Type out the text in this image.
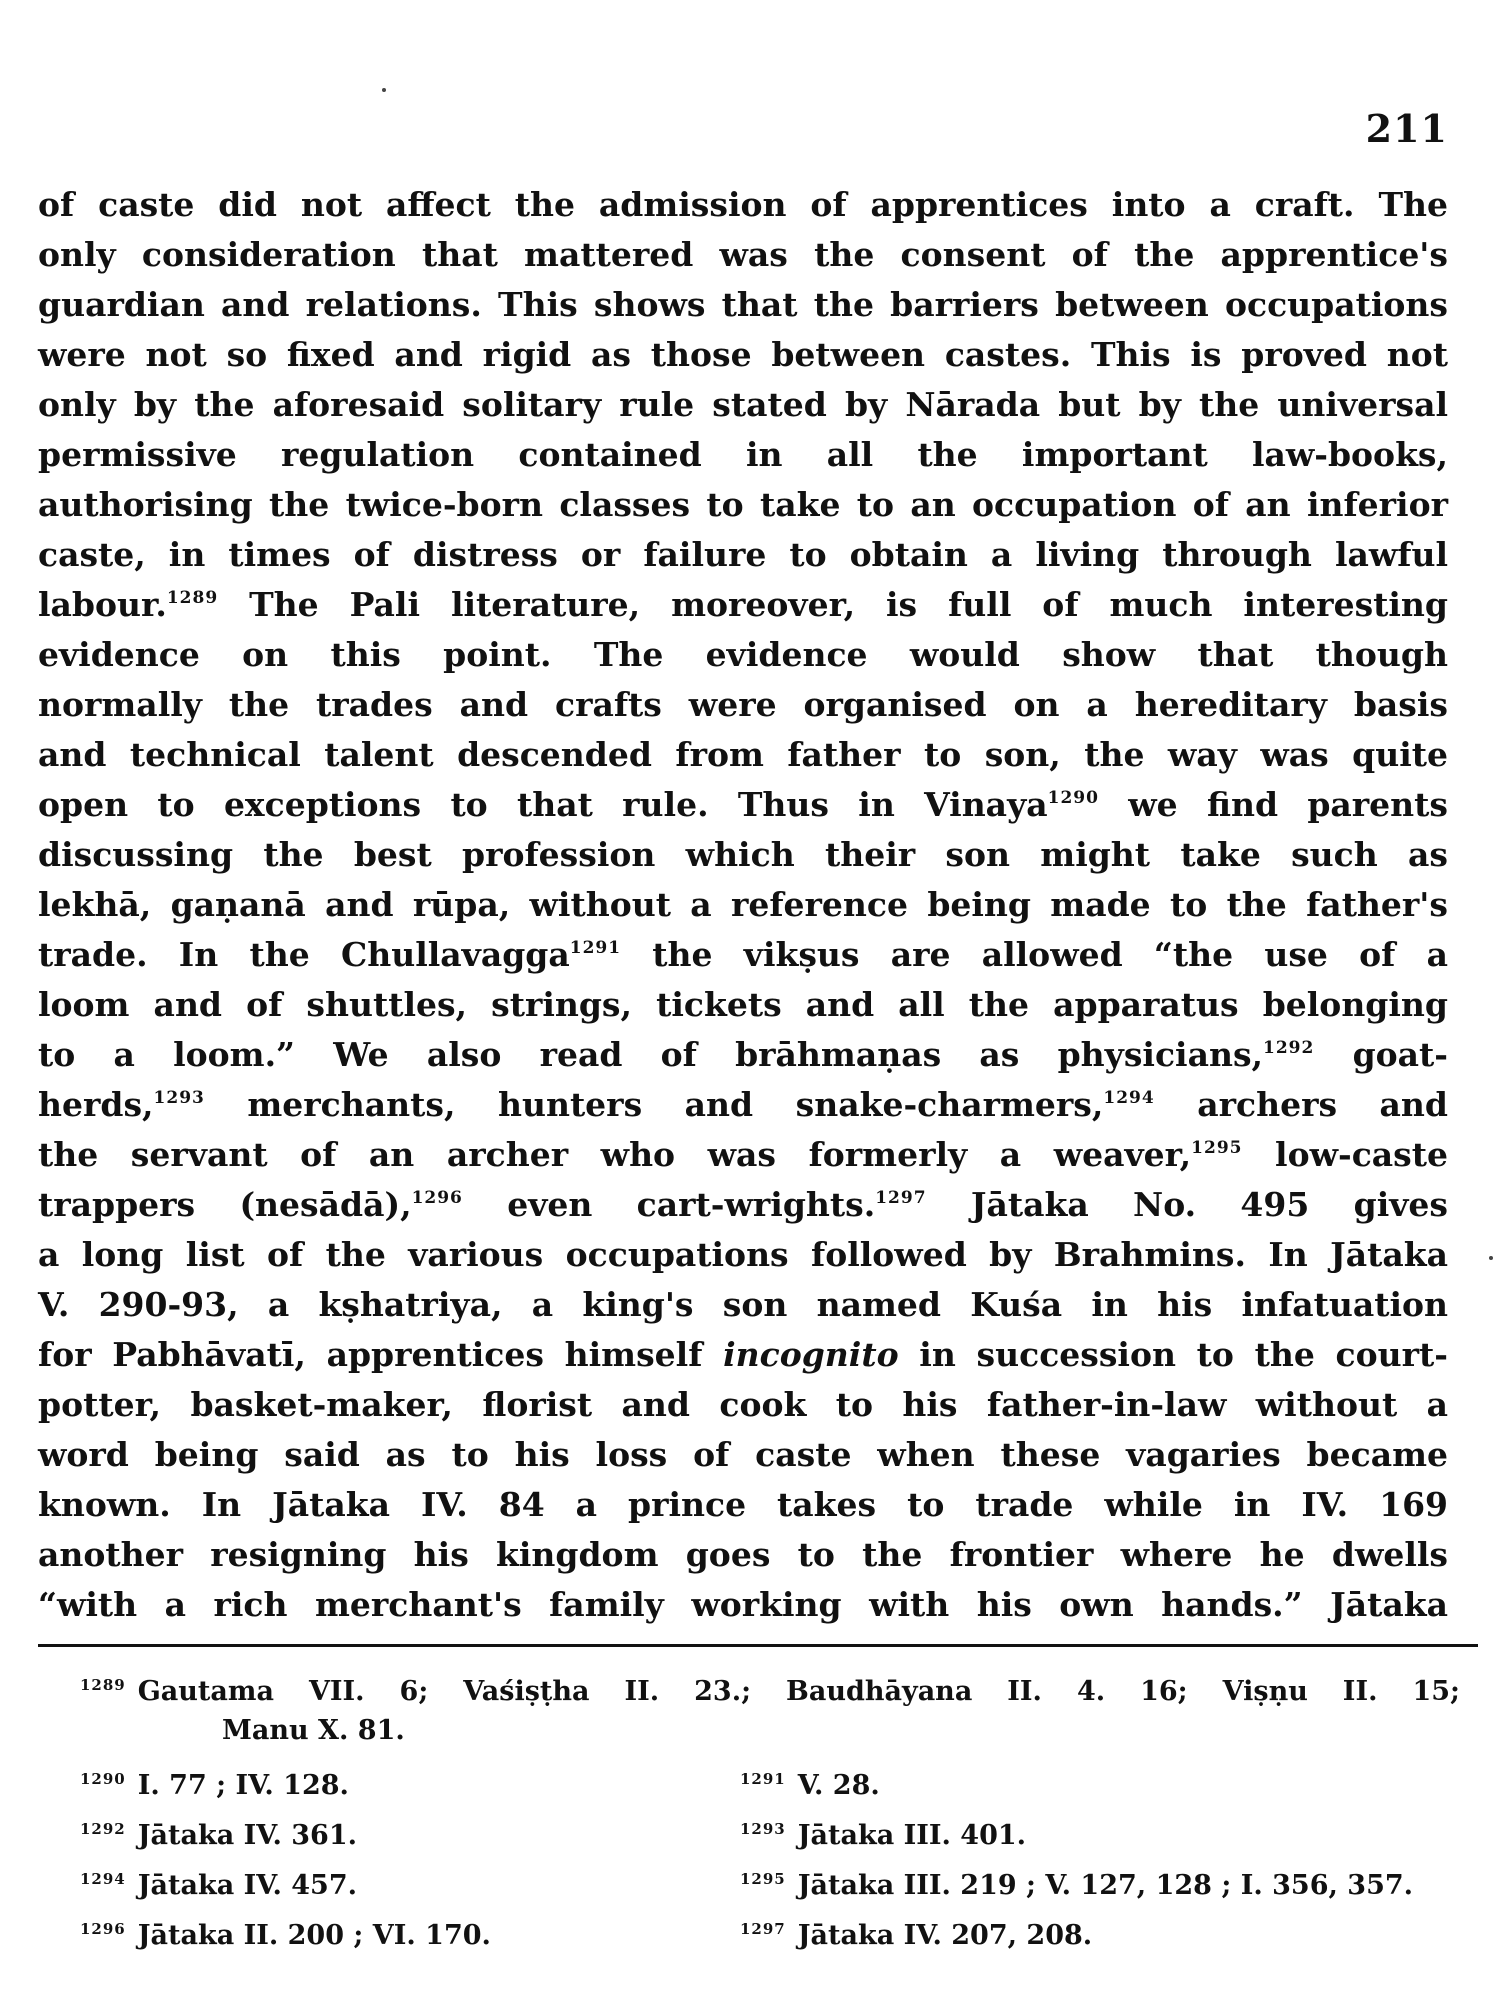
211
of caste did not affect the admission of apprentices into a craft. The
only consideration that mattered was the consent of the apprentice's
guardian and relations. This shows that the barriers between occupations
were not so fixed and rigid as those between castes. This is proved not
only by the aforesaid solitary rule stated by Nārada but by the universal
permissive regulation contained in all the important law-books,
authorising the twice-born classes to take to an occupation of an inferior
caste, in times of distress or failure to obtain a living through lawful
labour.$^{1289}$ The Pali literature, moreover, is full of much interesting
evidence on this point. The evidence would show that though
normally the trades and crafts were organised on a hereditary basis
and technical talent descended from father to son, the way was quite
open to exceptions to that rule. Thus in Vinaya$^{1290}$ we find parents
discussing the best profession which their son might take such as
lekhā, gaṇanā and rūpa, without a reference being made to the father's
trade. In the Chullavagga$^{1291}$ the vikṣus are allowed “the use of a
loom and of shuttles, strings, tickets and all the apparatus belonging
to a loom.” We also read of brāhmaṇas as physicians,$^{1292}$ goat-
herds,$^{1293}$ merchants, hunters and snake-charmers,$^{1294}$ archers and
the servant of an archer who was formerly a weaver,$^{1295}$ low-caste
trappers (nesādā),$^{1296}$ even cart-wrights.$^{1297}$ Jātaka No. 495 gives
a long list of the various occupations followed by Brahmins. In Jātaka
V. 290-93, a kṣhatriya, a king's son named Kuśa in his infatuation
for Pabhāvatī, apprentices himself incognito in succession to the court-
potter, basket-maker, florist and cook to his father-in-law without a
word being said as to his loss of caste when these vagaries became
known. In Jātaka IV. 84 a prince takes to trade while in IV. 169
another resigning his kingdom goes to the frontier where he dwells
“with a rich merchant's family working with his own hands.” Jātaka
$^{1289}$ Gautama VII. 6; Vaśiṣṭha II. 23.; Baudhāyana II. 4. 16; Viṣṇu II. 15;
Manu X. 81.
$^{1290}$ I. 77 ; IV. 128.	$^{1291}$ V. 28.
$^{1292}$ Jātaka IV. 361.	$^{1293}$ Jātaka III. 401.
$^{1294}$ Jātaka IV. 457.	$^{1295}$ Jātaka III. 219 ; V. 127, 128 ; I. 356, 357.
$^{1296}$ Jātaka II. 200 ; VI. 170.	$^{1297}$ Jātaka IV. 207, 208.
